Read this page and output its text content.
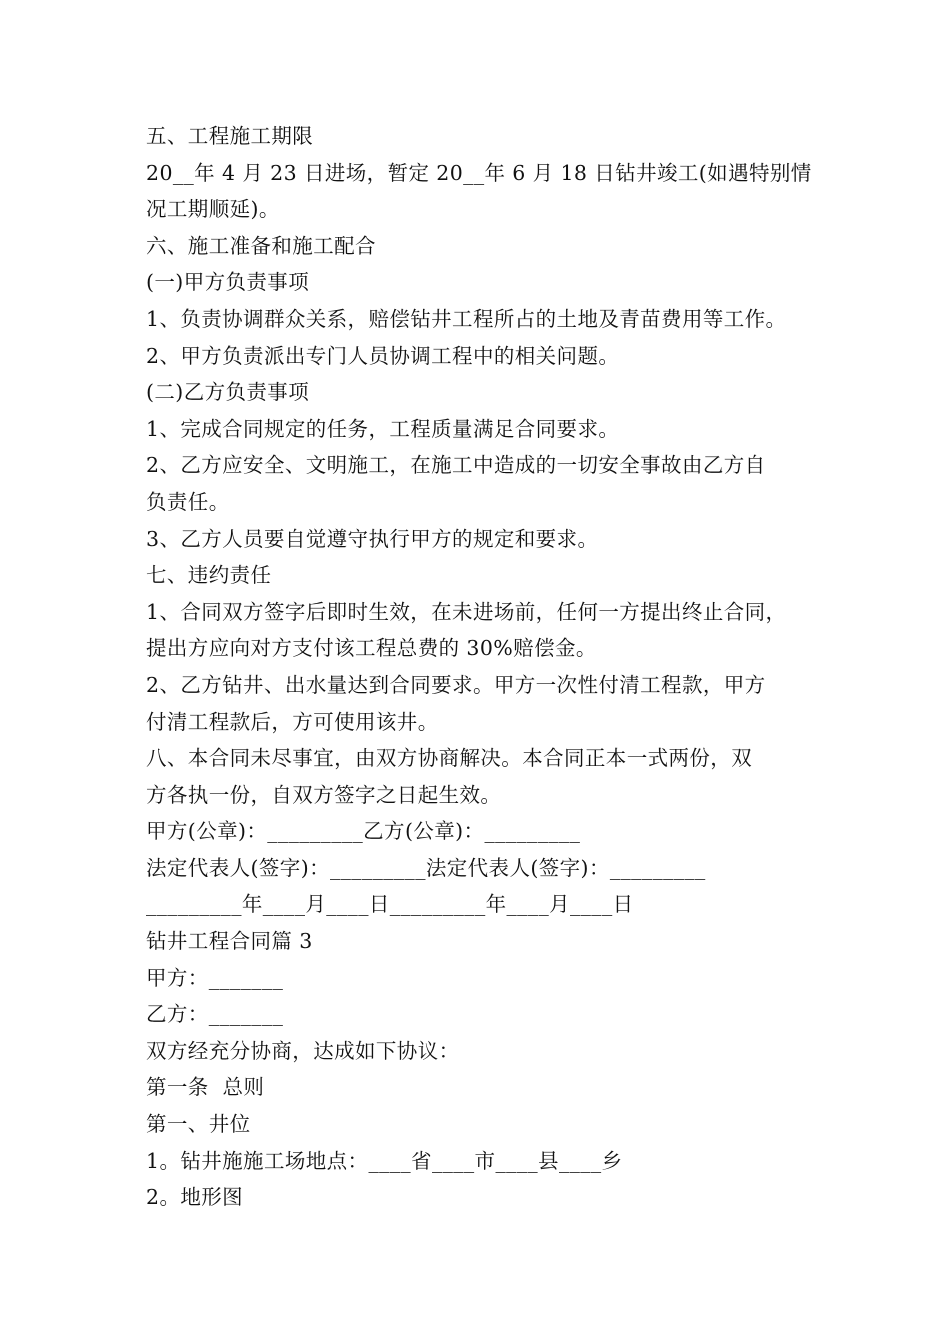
五、工程施工期限
20__年 4 月 23 日进场，暂定 20__年 6 月 18 日钻井竣工(如遇特别情
况工期顺延)。
六、施工准备和施工配合
(一)甲方负责事项
1、负责协调群众关系，赔偿钻井工程所占的土地及青苗费用等工作。
2、甲方负责派出专门人员协调工程中的相关问题。
(二)乙方负责事项
1、完成合同规定的任务，工程质量满足合同要求。
2、乙方应安全、文明施工，在施工中造成的一切安全事故由乙方自
负责任。
3、乙方人员要自觉遵守执行甲方的规定和要求。
七、违约责任
1、合同双方签字后即时生效，在未进场前，任何一方提出终止合同，
提出方应向对方支付该工程总费的 30%赔偿金。
2、乙方钻井、出水量达到合同要求。甲方一次性付清工程款，甲方
付清工程款后，方可使用该井。
八、本合同未尽事宜，由双方协商解决。本合同正本一式两份，双
方各执一份，自双方签字之日起生效。
甲方(公章)：_________乙方(公章)：_________
法定代表人(签字)：_________法定代表人(签字)：_________
_________年____月____日_________年____月____日
钻井工程合同篇 3
甲方：_______
乙方：_______
双方经充分协商，达成如下协议：
第一条  总则
第一、井位
1。钻井施施工场地点：____省____市____县____乡
2。地形图
